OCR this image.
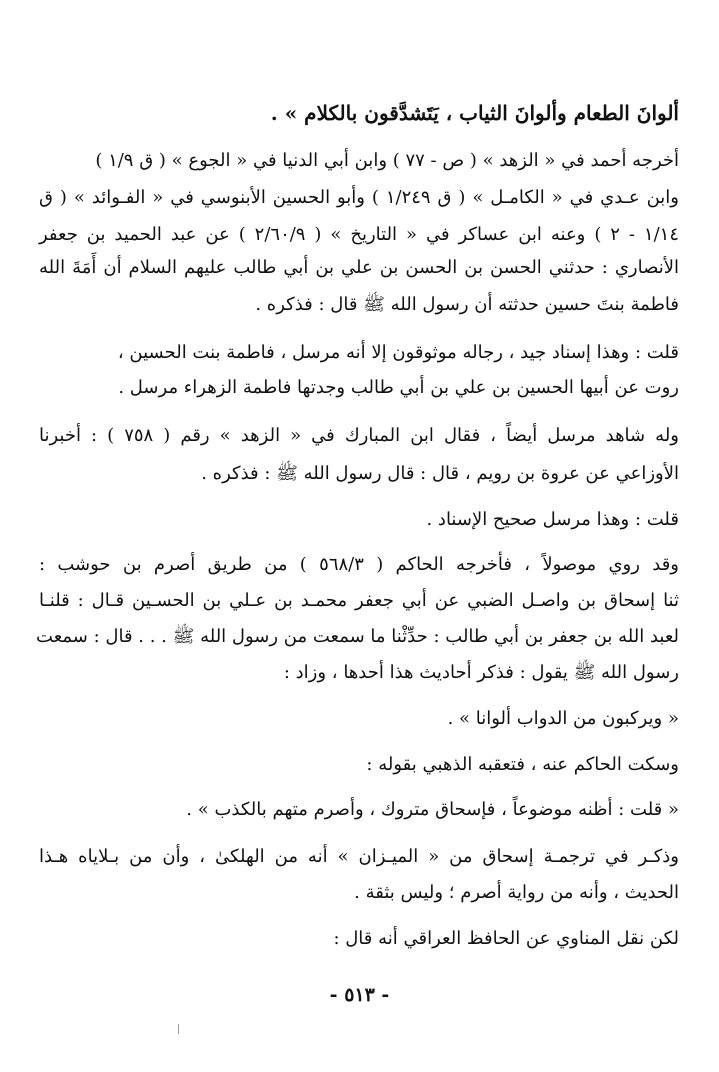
ألوانَ الطعام وألوانَ الثياب ، يَتَشدَّقون بالكلام » .
أخرجه أحمد في « الزهد » ( ص - ٧٧ ) وابن أبي الدنيا في « الجوع » ( ق ١/٩ )
وابن عـدي في « الكامـل » ( ق ١/٢٤٩ ) وأبو الحسين الأبنوسي في « الفـوائد » ( ق
١/١٤ - ٢ ) وعنه ابن عساكر في « التاريخ » ( ٢/٦٠/٩ ) عن عبد الحميد بن جعفر
الأنصاري : حدثني الحسن بن الحسن بن علي بن أبي طالب عليهم السلام أن أَمَةَ الله
فاطمة بنتَ حسين حدثته أن رسول الله ﷺ قال : فذكره .
قلت : وهذا إسناد جيد ، رجاله موثوقون إلا أنه مرسل ، فاطمة بنت الحسين ،
روت عن أبيها الحسين بن علي بن أبي طالب وجدتها فاطمة الزهراء مرسل .
وله شاهد مرسل أيضاً ، فقال ابن المبارك في « الزهد » رقم ( ٧٥٨ ) : أخبرنا
الأوزاعي عن عروة بن رويم ، قال : قال رسول الله ﷺ : فذكره .
قلت : وهذا مرسل صحيح الإسناد .
وقد روي موصولاً ، فأخرجه الحاكم ( ٥٦٨/٣ ) من طريق أصرم بن حوشب :
ثنا إسحاق بن واصـل الضبي عن أبي جعفر محمـد بن عـلي بن الحسـين قـال : قلنـا
لعبد الله بن جعفر بن أبي طالب : حدِّثْنا ما سمعت من رسول الله ﷺ . . . قال : سمعت
رسول الله ﷺ يقول : فذكر أحاديث هذا أحدها ، وزاد :
« ويركبون من الدواب ألوانا » .
وسكت الحاكم عنه ، فتعقبه الذهبي بقوله :
« قلت : أظنه موضوعاً ، فإسحاق متروك ، وأصرم متهم بالكذب » .
وذكـر في ترجمـة إسحاق من « الميـزان » أنه من الهلكىٰ ، وأن من بـلاياه هـذا
الحديث ، وأنه من رواية أصرم ؛ وليس بثقة .
لكن نقل المناوي عن الحافظ العراقي أنه قال :
- ٥١٣ -
